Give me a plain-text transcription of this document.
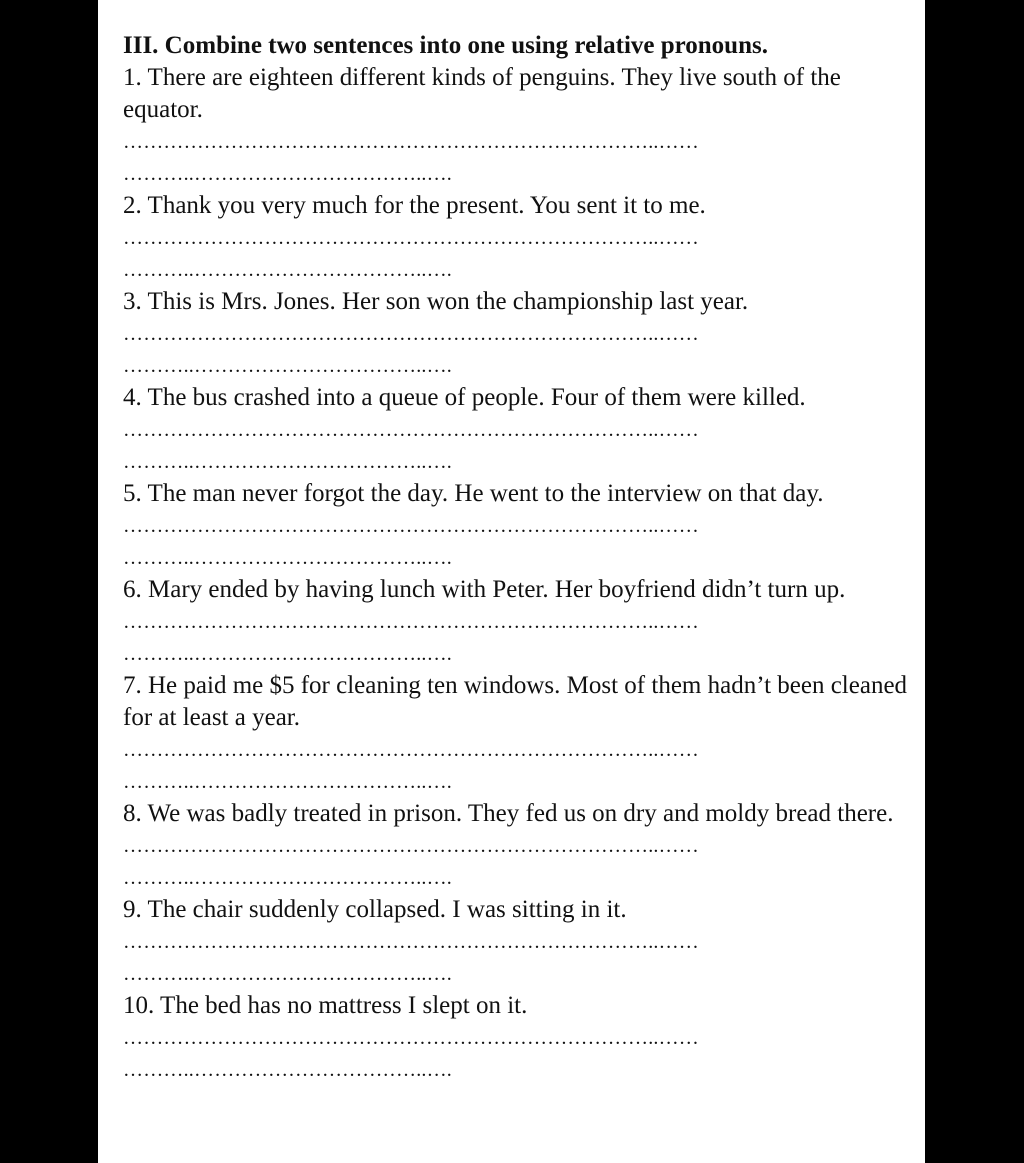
III. Combine two sentences into one using relative pronouns.
1. There are eighteen different kinds of penguins. They live south of the equator.
……………………………………………………………………..……
………..……………………………..….
2. Thank you very much for the present. You sent it to me.
……………………………………………………………………..……
………..……………………………..….
3. This is Mrs. Jones. Her son won the championship last year.
……………………………………………………………………..……
………..……………………………..….
4. The bus crashed into a queue of people. Four of them were killed.
……………………………………………………………………..……
………..……………………………..….
5. The man never forgot the day. He went to the interview on that day.
……………………………………………………………………..……
………..……………………………..….
6. Mary ended by having lunch with Peter. Her boyfriend didn’t turn up.
……………………………………………………………………..……
………..……………………………..….
7. He paid me $5 for cleaning ten windows. Most of them hadn’t been cleaned for at least a year.
……………………………………………………………………..……
………..……………………………..….
8. We was badly treated in prison. They fed us on dry and moldy bread there.
……………………………………………………………………..……
………..……………………………..….
9. The chair suddenly collapsed. I was sitting in it.
……………………………………………………………………..……
………..……………………………..….
10. The bed has no mattress I slept on it.
……………………………………………………………………..……
………..……………………………..….
